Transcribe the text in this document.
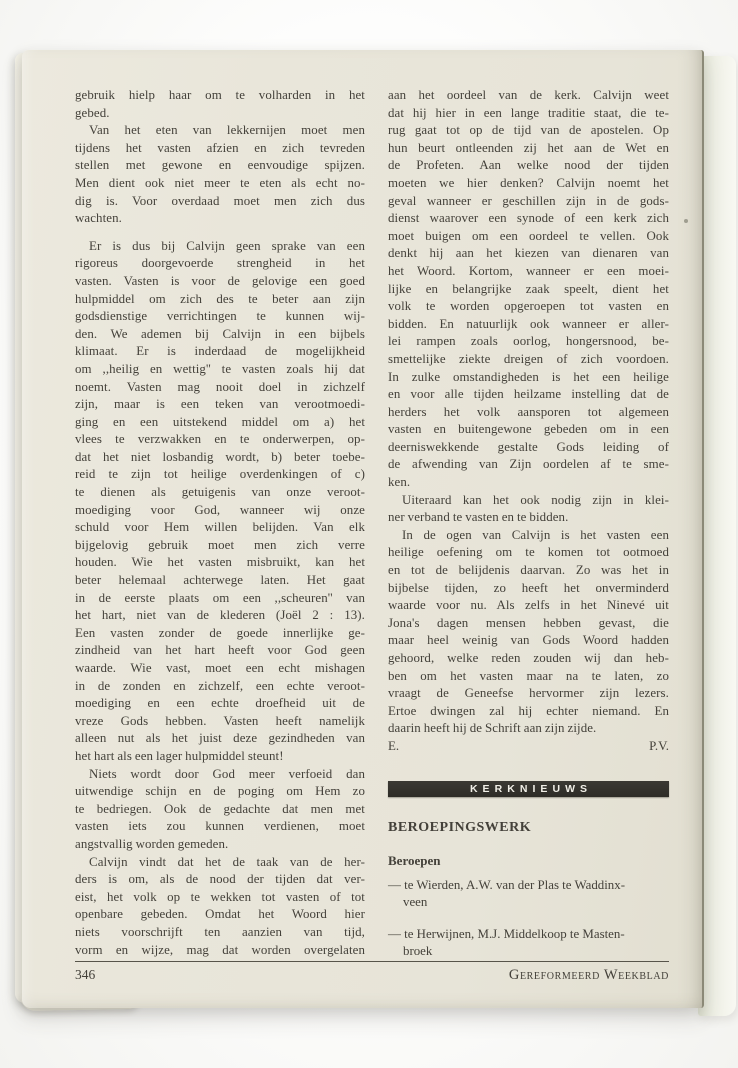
gebruik hielp haar om te volharden in het
gebed.
Van het eten van lekkernijen moet men
tijdens het vasten afzien en zich tevreden
stellen met gewone en eenvoudige spijzen.
Men dient ook niet meer te eten als echt no-
dig is. Voor overdaad moet men zich dus
wachten.
Er is dus bij Calvijn geen sprake van een
rigoreus doorgevoerde strengheid in het
vasten. Vasten is voor de gelovige een goed
hulpmiddel om zich des te beter aan zijn
godsdienstige verrichtingen te kunnen wij-
den. We ademen bij Calvijn in een bijbels
klimaat. Er is inderdaad de mogelijkheid
om ,,heilig en wettig'' te vasten zoals hij dat
noemt. Vasten mag nooit doel in zichzelf
zijn, maar is een teken van verootmoedi-
ging en een uitstekend middel om a) het
vlees te verzwakken en te onderwerpen, op-
dat het niet losbandig wordt, b) beter toebe-
reid te zijn tot heilige overdenkingen of c)
te dienen als getuigenis van onze veroot-
moediging voor God, wanneer wij onze
schuld voor Hem willen belijden. Van elk
bijgelovig gebruik moet men zich verre
houden. Wie het vasten misbruikt, kan het
beter helemaal achterwege laten. Het gaat
in de eerste plaats om een ,,scheuren'' van
het hart, niet van de klederen (Joël 2 : 13).
Een vasten zonder de goede innerlijke ge-
zindheid van het hart heeft voor God geen
waarde. Wie vast, moet een echt mishagen
in de zonden en zichzelf, een echte veroot-
moediging en een echte droefheid uit de
vreze Gods hebben. Vasten heeft namelijk
alleen nut als het juist deze gezindheden van
het hart als een lager hulpmiddel steunt!
Niets wordt door God meer verfoeid dan
uitwendige schijn en de poging om Hem zo
te bedriegen. Ook de gedachte dat men met
vasten iets zou kunnen verdienen, moet
angstvallig worden gemeden.
Calvijn vindt dat het de taak van de her-
ders is om, als de nood der tijden dat ver-
eist, het volk op te wekken tot vasten of tot
openbare gebeden. Omdat het Woord hier
niets voorschrijft ten aanzien van tijd,
vorm en wijze, mag dat worden overgelaten
aan het oordeel van de kerk. Calvijn weet
dat hij hier in een lange traditie staat, die te-
rug gaat tot op de tijd van de apostelen. Op
hun beurt ontleenden zij het aan de Wet en
de Profeten. Aan welke nood der tijden
moeten we hier denken? Calvijn noemt het
geval wanneer er geschillen zijn in de gods-
dienst waarover een synode of een kerk zich
moet buigen om een oordeel te vellen. Ook
denkt hij aan het kiezen van dienaren van
het Woord. Kortom, wanneer er een moei-
lijke en belangrijke zaak speelt, dient het
volk te worden opgeroepen tot vasten en
bidden. En natuurlijk ook wanneer er aller-
lei rampen zoals oorlog, hongersnood, be-
smettelijke ziekte dreigen of zich voordoen.
In zulke omstandigheden is het een heilige
en voor alle tijden heilzame instelling dat de
herders het volk aansporen tot algemeen
vasten en buitengewone gebeden om in een
deerniswekkende gestalte Gods leiding of
de afwending van Zijn oordelen af te sme-
ken.
Uiteraard kan het ook nodig zijn in klei-
ner verband te vasten en te bidden.
In de ogen van Calvijn is het vasten een
heilige oefening om te komen tot ootmoed
en tot de belijdenis daarvan. Zo was het in
bijbelse tijden, zo heeft het onverminderd
waarde voor nu. Als zelfs in het Ninevé uit
Jona's dagen mensen hebben gevast, die
maar heel weinig van Gods Woord hadden
gehoord, welke reden zouden wij dan heb-
ben om het vasten maar na te laten, zo
vraagt de Geneefse hervormer zijn lezers.
Ertoe dwingen zal hij echter niemand. En
daarin heeft hij de Schrift aan zijn zijde.
E.	P.V.
KERKNIEUWS
BEROEPINGSWERK
Beroepen
— te Wierden, A.W. van der Plas te Waddinx-
veen
— te Herwijnen, M.J. Middelkoop te Masten-
broek
346	Gereformeerd Weekblad
